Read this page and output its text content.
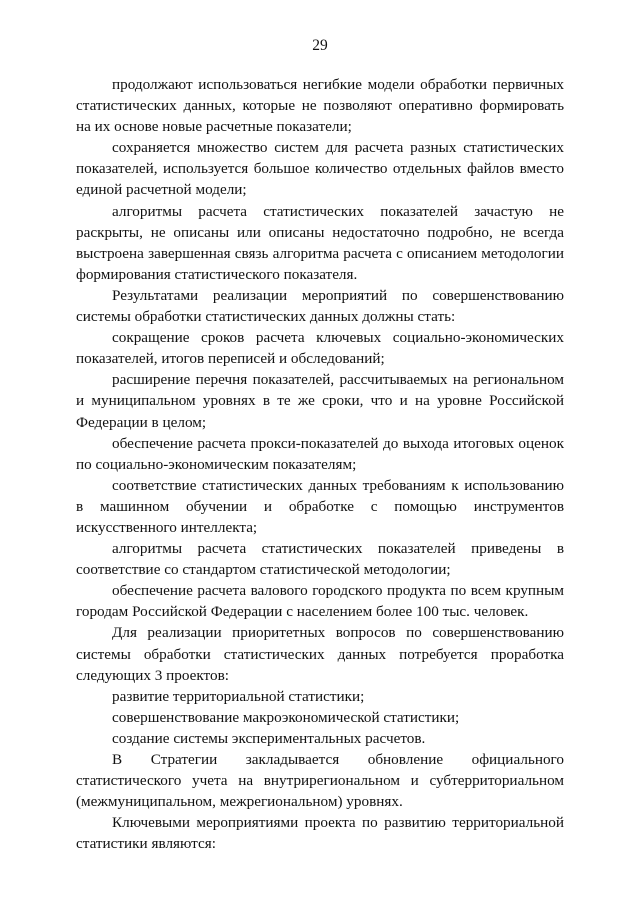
29

продолжают использоваться негибкие модели обработки первичных статистических данных, которые не позволяют оперативно формировать на их основе новые расчетные показатели;

сохраняется множество систем для расчета разных статистических показателей, используется большое количество отдельных файлов вместо единой расчетной модели;

алгоритмы расчета статистических показателей зачастую не раскрыты, не описаны или описаны недостаточно подробно, не всегда выстроена завершенная связь алгоритма расчета с описанием методологии формирования статистического показателя.

Результатами реализации мероприятий по совершенствованию системы обработки статистических данных должны стать:

сокращение сроков расчета ключевых социально-экономических показателей, итогов переписей и обследований;

расширение перечня показателей, рассчитываемых на региональном и муниципальном уровнях в те же сроки, что и на уровне Российской Федерации в целом;

обеспечение расчета прокси-показателей до выхода итоговых оценок по социально-экономическим показателям;

соответствие статистических данных требованиям к использованию в машинном обучении и обработке с помощью инструментов искусственного интеллекта;

алгоритмы расчета статистических показателей приведены в соответствие со стандартом статистической методологии;

обеспечение расчета валового городского продукта по всем крупным городам Российской Федерации с населением более 100 тыс. человек.

Для реализации приоритетных вопросов по совершенствованию системы обработки статистических данных потребуется проработка следующих 3 проектов:

развитие территориальной статистики;

совершенствование макроэкономической статистики;

создание системы экспериментальных расчетов.

В Стратегии закладывается обновление официального

статистического учета на внутрирегиональном и субтерриториальном (межмуниципальном, межрегиональном) уровнях.

Ключевыми мероприятиями проекта по развитию территориальной статистики являются:
